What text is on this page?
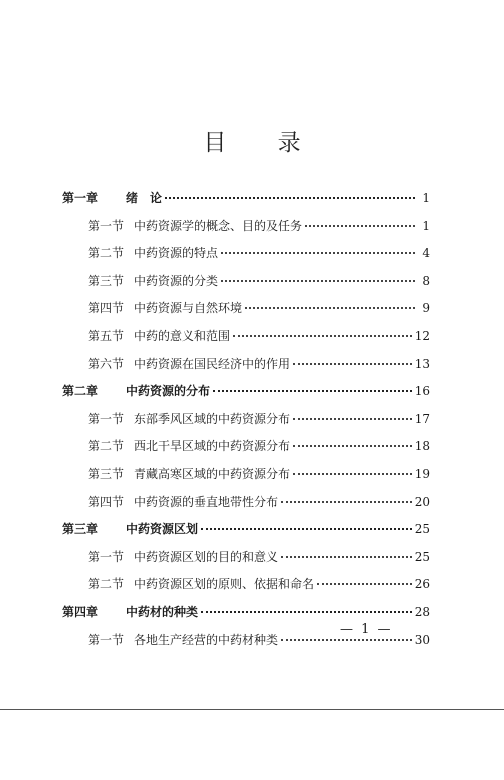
目 录
第一章	绪　论	1
第一节 中药资源学的概念、目的及任务	1
第二节 中药资源的特点	4
第三节 中药资源的分类	8
第四节 中药资源与自然环境	9
第五节 中药的意义和范围	12
第六节 中药资源在国民经济中的作用	13
第二章	中药资源的分布	16
第一节 东部季风区域的中药资源分布	17
第二节 西北干旱区域的中药资源分布	18
第三节 青藏高寒区域的中药资源分布	19
第四节 中药资源的垂直地带性分布	20
第三章	中药资源区划	25
第一节 中药资源区划的目的和意义	25
第二节 中药资源区划的原则、依据和命名	26
第四章	中药材的种类	28
第一节 各地生产经营的中药材种类	30
— 1 —
